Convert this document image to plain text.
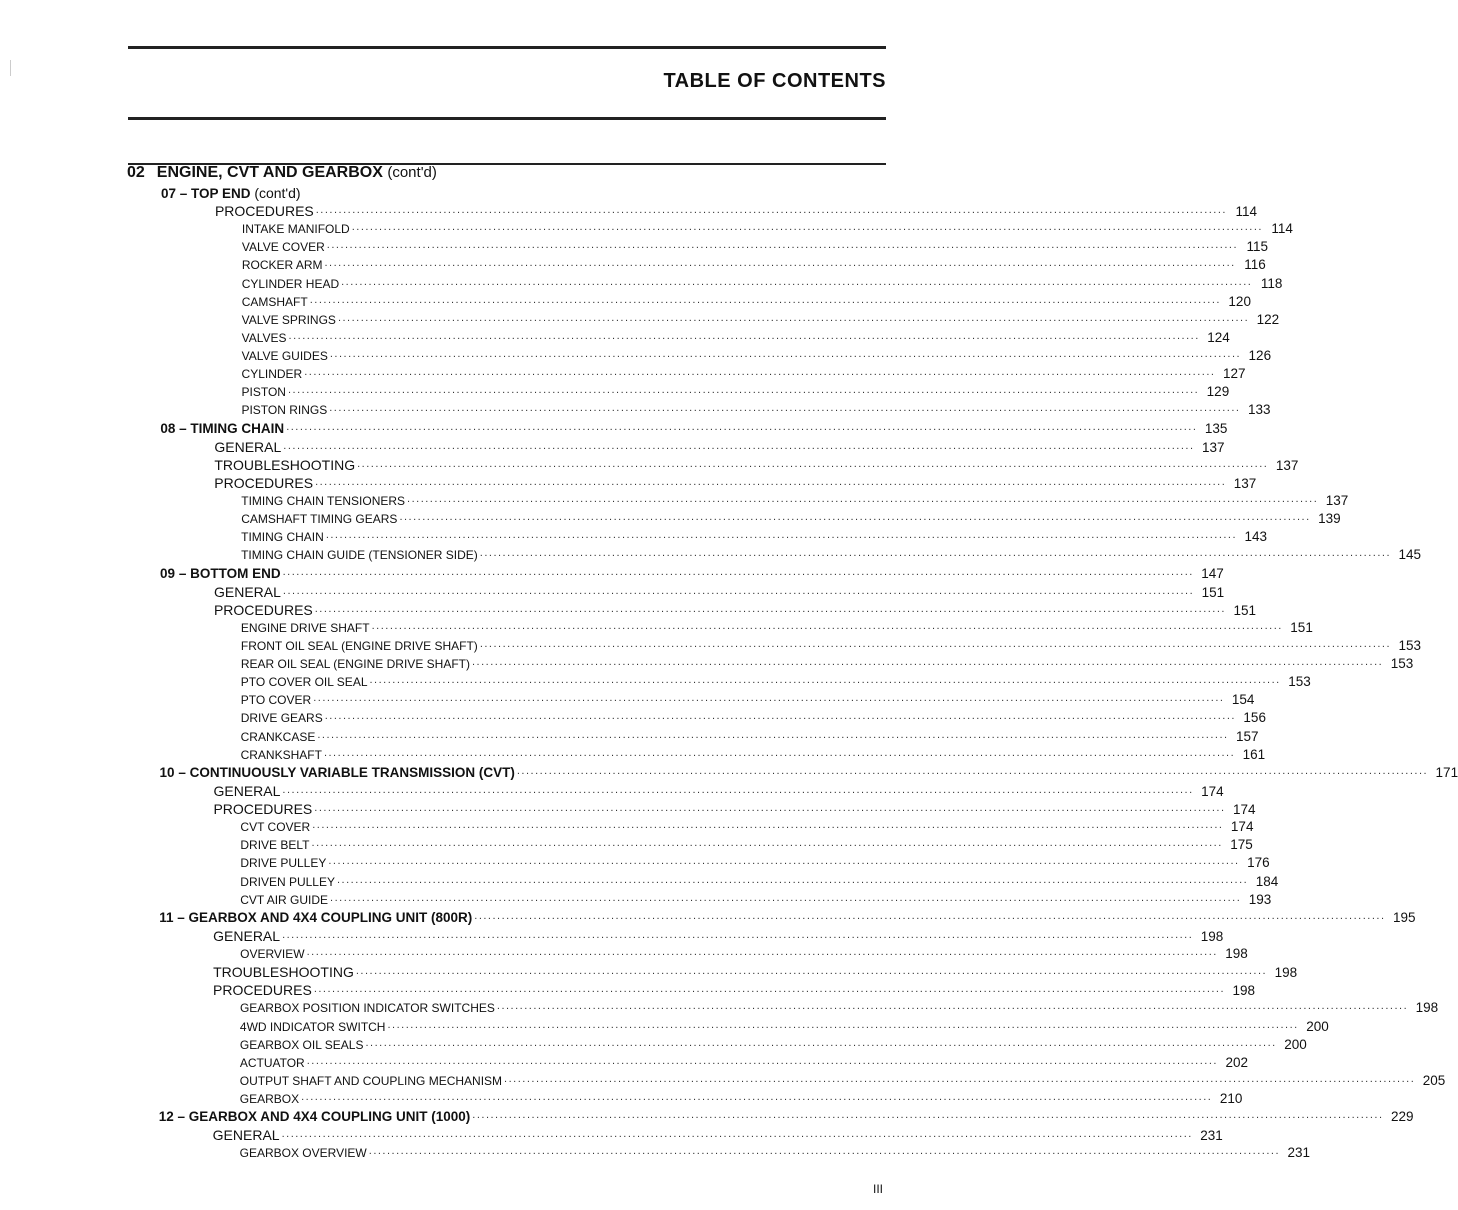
TABLE OF CONTENTS
02 ENGINE, CVT AND GEARBOX (cont'd)
07 – TOP END (cont'd)
PROCEDURES ........................................................................................................................................................................................................ 114
INTAKE MANIFOLD ........................................................................................................................................................................................................ 114
VALVE COVER ........................................................................................................................................................................................................ 115
ROCKER ARM ........................................................................................................................................................................................................ 116
CYLINDER HEAD ........................................................................................................................................................................................................ 118
CAMSHAFT ........................................................................................................................................................................................................ 120
VALVE SPRINGS ........................................................................................................................................................................................................ 122
VALVES ........................................................................................................................................................................................................ 124
VALVE GUIDES ........................................................................................................................................................................................................ 126
CYLINDER ........................................................................................................................................................................................................ 127
PISTON ........................................................................................................................................................................................................ 129
PISTON RINGS ........................................................................................................................................................................................................ 133
08 – TIMING CHAIN ........................................................................................................................................................................................................ 135
GENERAL ........................................................................................................................................................................................................ 137
TROUBLESHOOTING ........................................................................................................................................................................................................ 137
PROCEDURES ........................................................................................................................................................................................................ 137
TIMING CHAIN TENSIONERS ........................................................................................................................................................................................................ 137
CAMSHAFT TIMING GEARS ........................................................................................................................................................................................................ 139
TIMING CHAIN ........................................................................................................................................................................................................ 143
TIMING CHAIN GUIDE (TENSIONER SIDE) ........................................................................................................................................................................................................ 145
09 – BOTTOM END ........................................................................................................................................................................................................ 147
GENERAL ........................................................................................................................................................................................................ 151
PROCEDURES ........................................................................................................................................................................................................ 151
ENGINE DRIVE SHAFT ........................................................................................................................................................................................................ 151
FRONT OIL SEAL (ENGINE DRIVE SHAFT) ........................................................................................................................................................................................................ 153
REAR OIL SEAL (ENGINE DRIVE SHAFT) ........................................................................................................................................................................................................ 153
PTO COVER OIL SEAL ........................................................................................................................................................................................................ 153
PTO COVER ........................................................................................................................................................................................................ 154
DRIVE GEARS ........................................................................................................................................................................................................ 156
CRANKCASE ........................................................................................................................................................................................................ 157
CRANKSHAFT ........................................................................................................................................................................................................ 161
10 – CONTINUOUSLY VARIABLE TRANSMISSION (CVT) ........................................................................................................................................................................................................ 171
GENERAL ........................................................................................................................................................................................................ 174
PROCEDURES ........................................................................................................................................................................................................ 174
CVT COVER ........................................................................................................................................................................................................ 174
DRIVE BELT ........................................................................................................................................................................................................ 175
DRIVE PULLEY ........................................................................................................................................................................................................ 176
DRIVEN PULLEY ........................................................................................................................................................................................................ 184
CVT AIR GUIDE ........................................................................................................................................................................................................ 193
11 – GEARBOX AND 4X4 COUPLING UNIT (800R) ........................................................................................................................................................................................................ 195
GENERAL ........................................................................................................................................................................................................ 198
OVERVIEW ........................................................................................................................................................................................................ 198
TROUBLESHOOTING ........................................................................................................................................................................................................ 198
PROCEDURES ........................................................................................................................................................................................................ 198
GEARBOX POSITION INDICATOR SWITCHES ........................................................................................................................................................................................................ 198
4WD INDICATOR SWITCH ........................................................................................................................................................................................................ 200
GEARBOX OIL SEALS ........................................................................................................................................................................................................ 200
ACTUATOR ........................................................................................................................................................................................................ 202
OUTPUT SHAFT AND COUPLING MECHANISM ........................................................................................................................................................................................................ 205
GEARBOX ........................................................................................................................................................................................................ 210
12 – GEARBOX AND 4X4 COUPLING UNIT (1000) ........................................................................................................................................................................................................ 229
GENERAL ........................................................................................................................................................................................................ 231
GEARBOX OVERVIEW ........................................................................................................................................................................................................ 231
III
